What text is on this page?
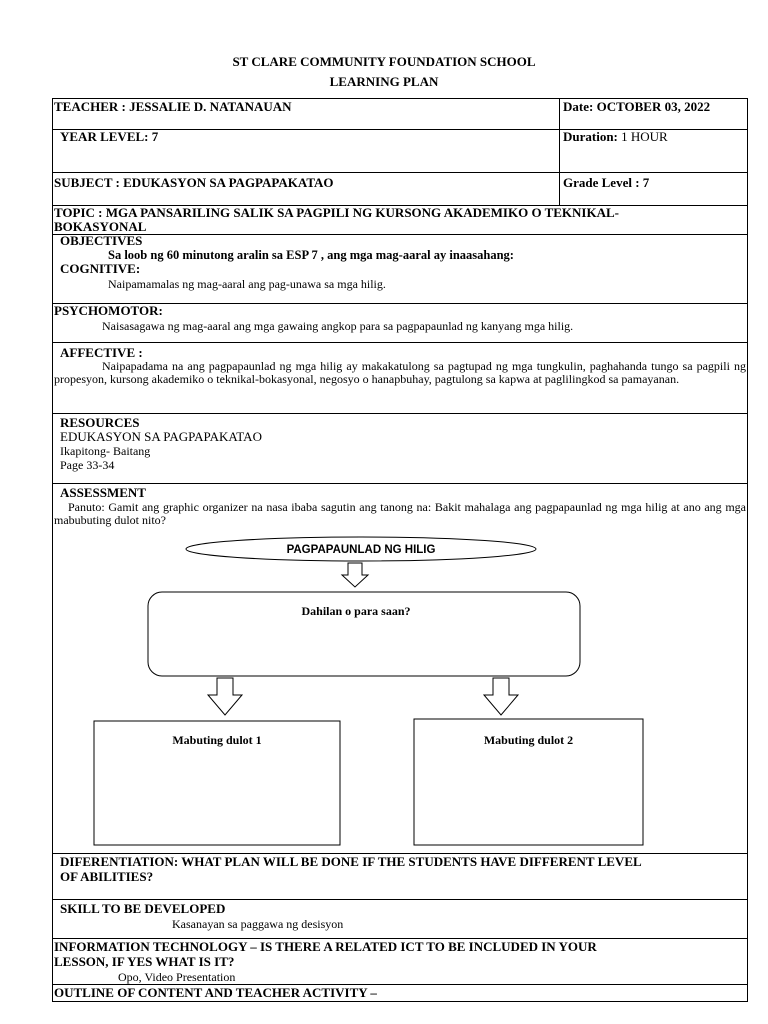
ST CLARE COMMUNITY FOUNDATION SCHOOL
LEARNING PLAN
TEACHER : JESSALIE D. NATANAUAN	Date: OCTOBER 03, 2022
YEAR LEVEL: 7	Duration: 1 HOUR
SUBJECT : EDUKASYON SA PAGPAPAKATAO	Grade Level : 7
TOPIC : MGA PANSARILING SALIK SA PAGPILI NG KURSONG AKADEMIKO O TEKNIKAL-
BOKASYONAL
OBJECTIVES
Sa loob ng 60 minutong aralin sa ESP 7 , ang mga mag-aaral ay inaasahang:
COGNITIVE:
Naipamamalas ng mag-aaral ang pag-unawa sa mga hilig.
PSYCHOMOTOR:
Naisasagawa ng mag-aaral ang mga gawaing angkop para sa pagpapaunlad ng kanyang mga hilig.
AFFECTIVE :
Naipapadama na ang pagpapaunlad ng mga hilig ay makakatulong sa pagtupad ng mga tungkulin, paghahanda tungo sa pagpili ng propesyon, kursong akademiko o teknikal-bokasyonal, negosyo o hanapbuhay, pagtulong sa kapwa at paglilingkod sa pamayanan.
RESOURCES
EDUKASYON SA PAGPAPAKATAO
Ikapitong- Baitang
Page 33-34
ASSESSMENT
Panuto: Gamit ang graphic organizer na nasa ibaba sagutin ang tanong na: Bakit mahalaga ang pagpapaunlad ng mga hilig at ano ang mga mabubuting dulot nito?
PAGPAPAUNLAD NG HILIG
Dahilan o para saan?
Mabuting dulot 1	Mabuting dulot 2
DIFERENTIATION: WHAT PLAN WILL BE DONE IF THE STUDENTS HAVE DIFFERENT LEVEL
OF ABILITIES?
SKILL TO BE DEVELOPED
Kasanayan sa paggawa ng desisyon
INFORMATION TECHNOLOGY – IS THERE A RELATED ICT TO BE INCLUDED IN YOUR
LESSON, IF YES WHAT IS IT?
Opo, Video Presentation
OUTLINE OF CONTENT AND TEACHER ACTIVITY –
